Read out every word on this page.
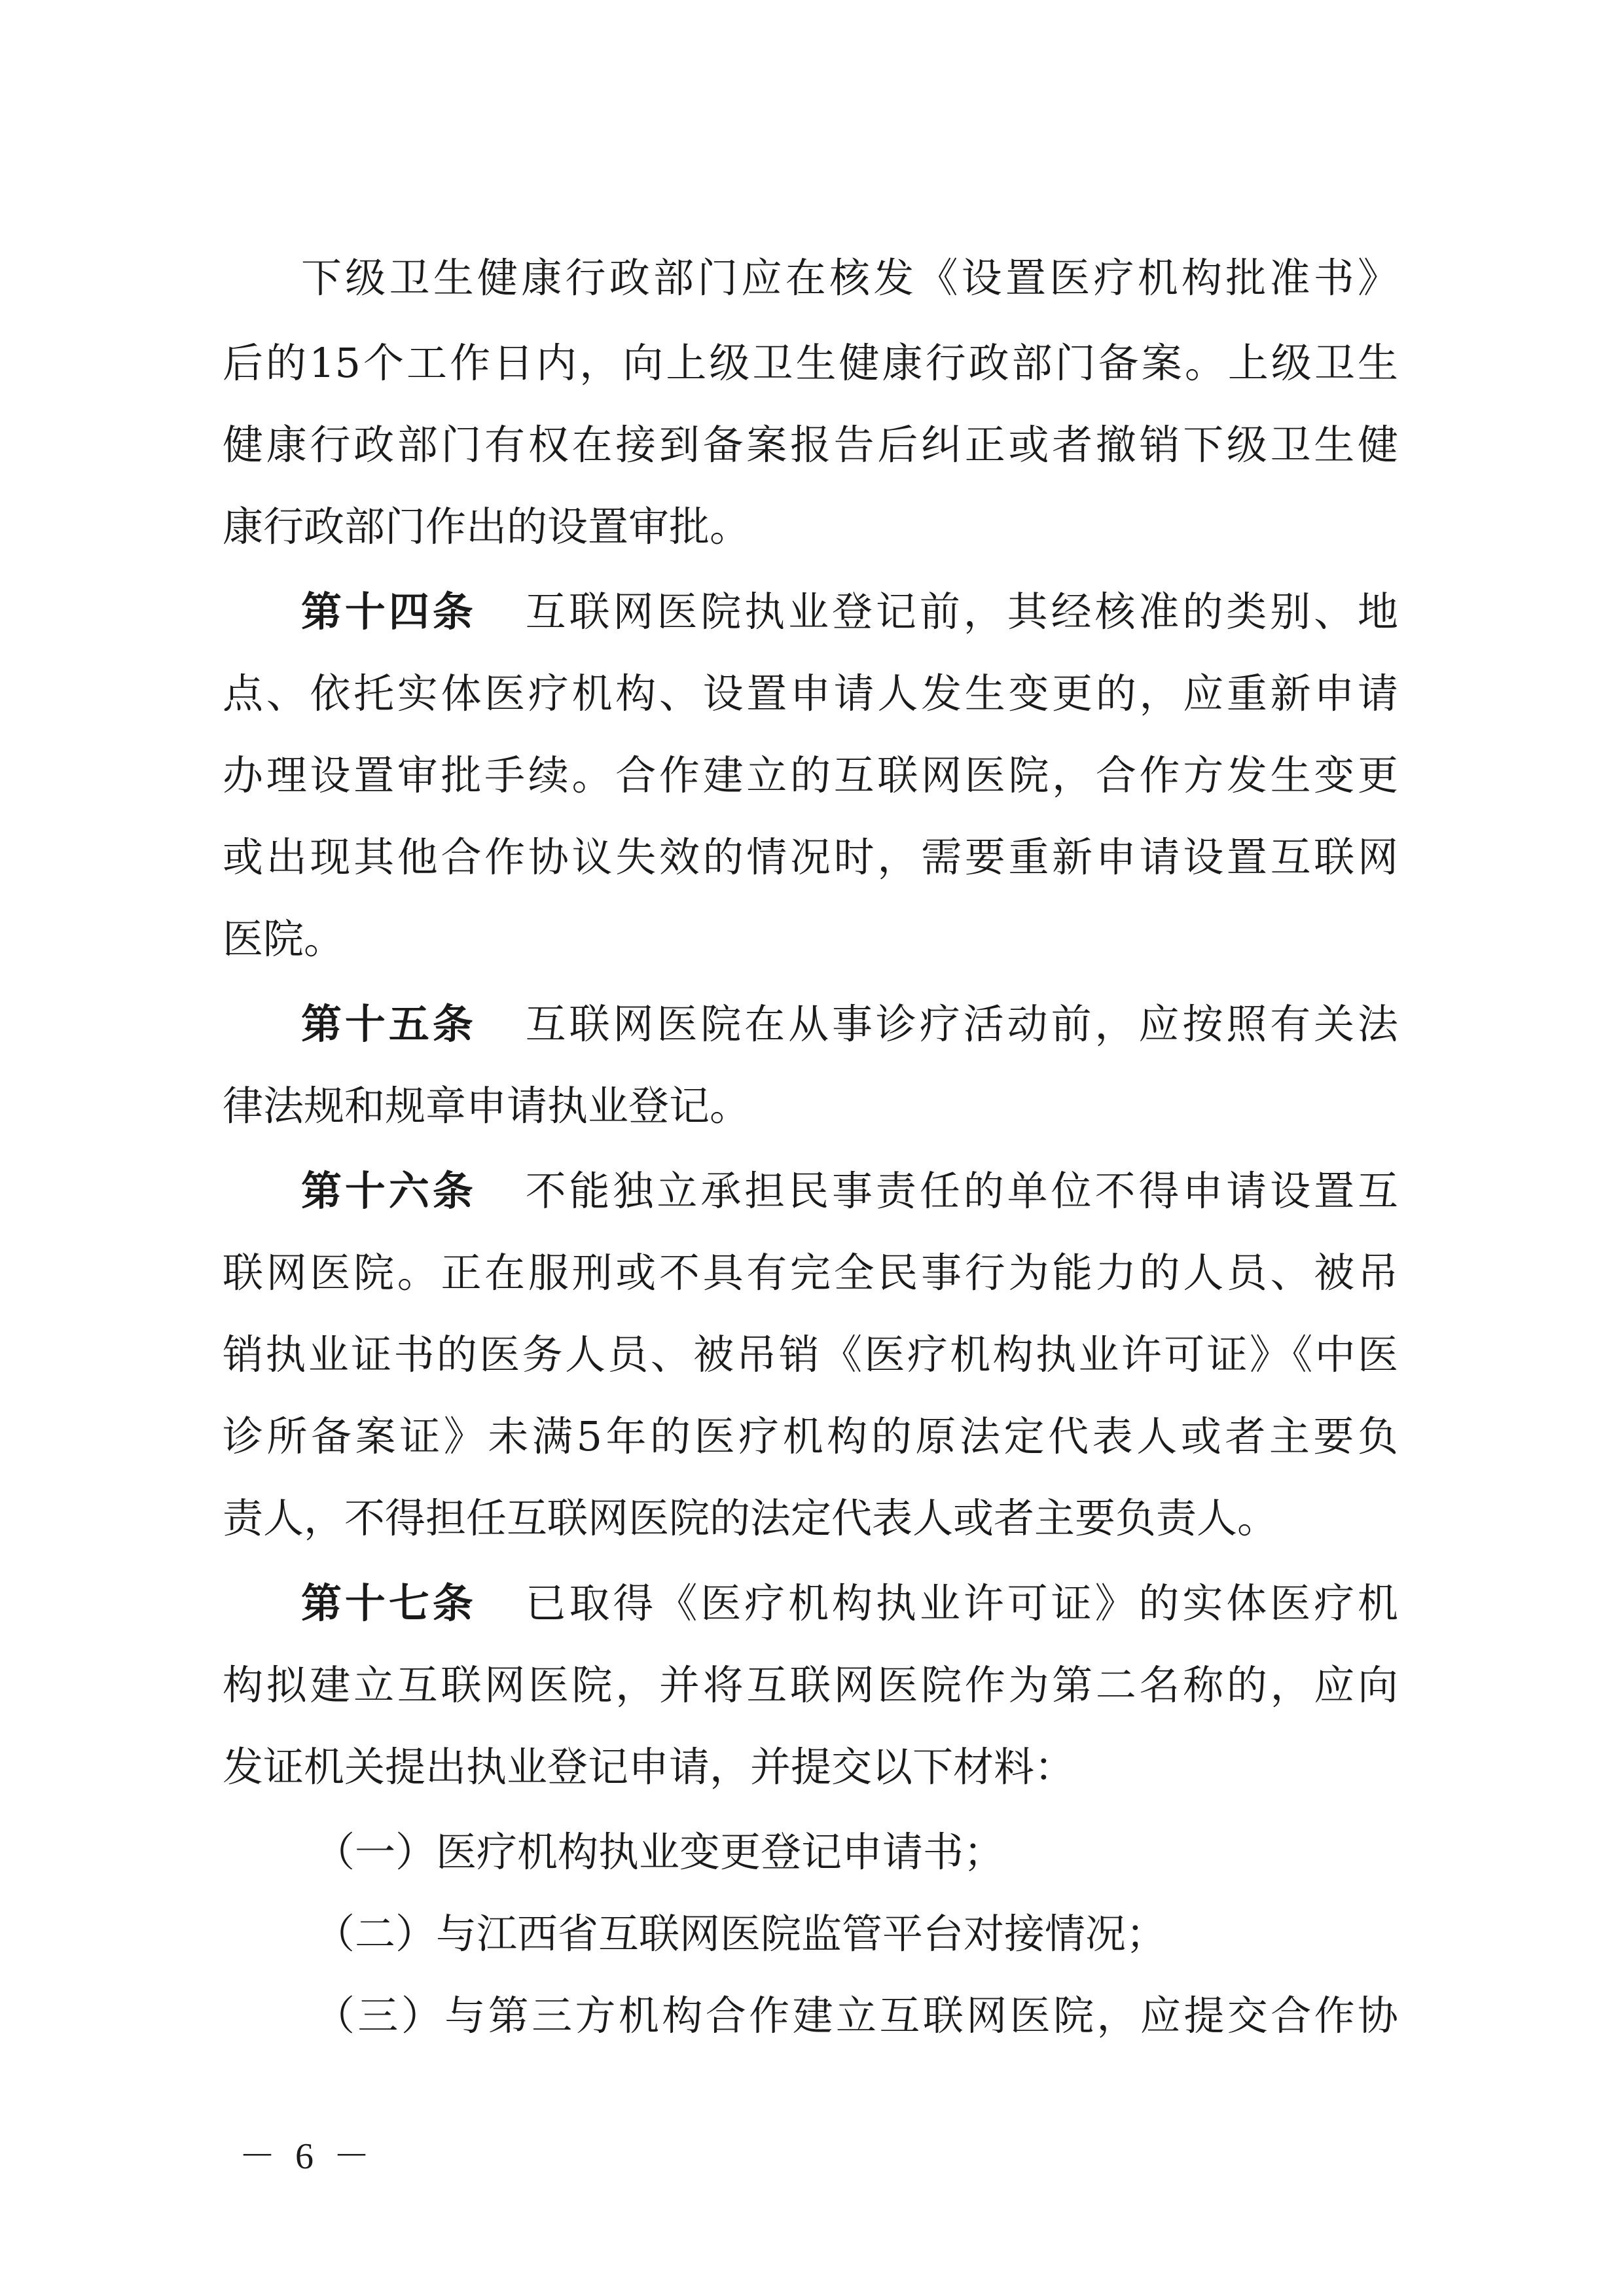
下级卫生健康行政部门应在核发《设置医疗机构批准书》
后的15个工作日内，向上级卫生健康行政部门备案。上级卫生
健康行政部门有权在接到备案报告后纠正或者撤销下级卫生健
康行政部门作出的设置审批。
第十四条 互联网医院执业登记前，其经核准的类别、地
点、依托实体医疗机构、设置申请人发生变更的，应重新申请
办理设置审批手续。合作建立的互联网医院，合作方发生变更
或出现其他合作协议失效的情况时，需要重新申请设置互联网
医院。
第十五条 互联网医院在从事诊疗活动前，应按照有关法
律法规和规章申请执业登记。
第十六条 不能独立承担民事责任的单位不得申请设置互
联网医院。正在服刑或不具有完全民事行为能力的人员、被吊
销执业证书的医务人员、被吊销《医疗机构执业许可证》《中医
诊所备案证》未满5年的医疗机构的原法定代表人或者主要负
责人，不得担任互联网医院的法定代表人或者主要负责人。
第十七条 已取得《医疗机构执业许可证》的实体医疗机
构拟建立互联网医院，并将互联网医院作为第二名称的，应向
发证机关提出执业登记申请，并提交以下材料：
（一）医疗机构执业变更登记申请书；
（二）与江西省互联网医院监管平台对接情况；
（三）与第三方机构合作建立互联网医院，应提交合作协
－ 6 －
